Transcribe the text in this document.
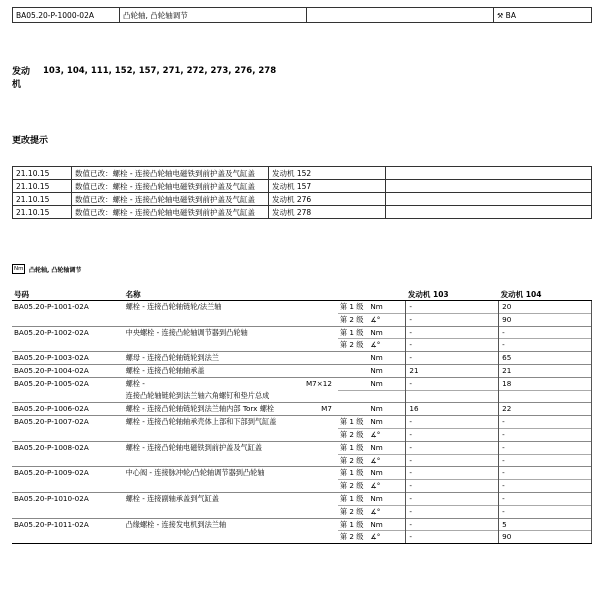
BA05.20-P-1000-02A	凸轮轴, 凸轮轴调节		⚒ BA
发动机
103, 104, 111, 152, 157, 271, 272, 273, 276, 278
更改提示
21.10.15	数值已改：螺栓 - 连接凸轮轴电磁铁到前护盖及气缸盖	发动机 152	
21.10.15	数值已改：螺栓 - 连接凸轮轴电磁铁到前护盖及气缸盖	发动机 157	
21.10.15	数值已改：螺栓 - 连接凸轮轴电磁铁到前护盖及气缸盖	发动机 276	
21.10.15	数值已改：螺栓 - 连接凸轮轴电磁铁到前护盖及气缸盖	发动机 278	
Nm 凸轮轴, 凸轮轴调节
号码	名称			发动机 103	发动机 104
BA05.20-P-1001-02A	螺栓 - 连接凸轮轴链轮/法兰轴	第 1 级	Nm	-	20
		第 2 级	∡°	-	90
BA05.20-P-1002-02A	中央螺栓 - 连接凸轮轴调节器到凸轮轴	第 1 级	Nm	-	-
		第 2 级	∡°	-	-
BA05.20-P-1003-02A	螺母 - 连接凸轮轴链轮到法兰		Nm	-	65
BA05.20-P-1004-02A	螺栓 - 连接凸轮轴轴承盖		Nm	21	21
BA05.20-P-1005-02A	螺栓 - M7×12		Nm	-	18
	连接凸轮轴链轮到法兰轴六角螺钉和垫片总成				
BA05.20-P-1006-02A	螺栓 - 连接凸轮轴链轮到法兰轴内部 Torx 螺栓 M7		Nm	16	22
BA05.20-P-1007-02A	螺栓 - 连接凸轮轴轴承壳体上部和下部到气缸盖	第 1 级	Nm	-	-
		第 2 级	∡°	-	-
BA05.20-P-1008-02A	螺栓 - 连接凸轮轴电磁铁到前护盖及气缸盖	第 1 级	Nm	-	-
		第 2 级	∡°	-	-
BA05.20-P-1009-02A	中心阀 - 连接脉冲轮/凸轮轴调节器到凸轮轴	第 1 级	Nm	-	-
		第 2 级	∡°	-	-
BA05.20-P-1010-02A	螺栓 - 连接副轴承盖到气缸盖	第 1 级	Nm	-	-
		第 2 级	∡°	-	-
BA05.20-P-1011-02A	凸缘螺栓 - 连接发电机到法兰轴	第 1 级	Nm	-	5
		第 2 级	∡°	-	90
